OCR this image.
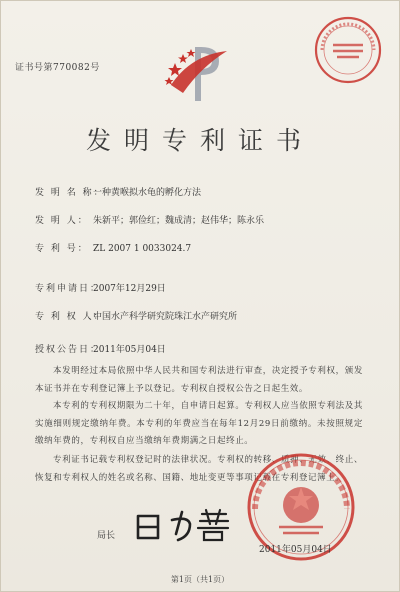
证书号第770082号
发明专利证书
发 明 名 称：一种黄喉拟水龟的孵化方法
发 明 人： 朱新平；郭俭红；魏成清；赵伟华；陈永乐
专 利 号： ZL 2007 1 0033024.7
专利申请日：2007年12月29日
专 利 权 人：中国水产科学研究院珠江水产研究所
授权公告日：2011年05月04日
本发明经过本局依照中华人民共和国专利法进行审查，决定授予专利权，颁发本证书并在专利登记簿上予以登记。专利权自授权公告之日起生效。
本专利的专利权期限为二十年，自申请日起算。专利权人应当依照专利法及其实施细则规定缴纳年费。本专利的年费应当在每年12月29日前缴纳。未按照规定缴纳年费的，专利权自应当缴纳年费期满之日起终止。
专利证书记载专利权登记时的法律状况。专利权的转移、质押、无效、终止、恢复和专利权人的姓名或名称、国籍、地址变更等事项记载在专利登记簿上。
局长
2011年05月04日
第1页（共1页）
